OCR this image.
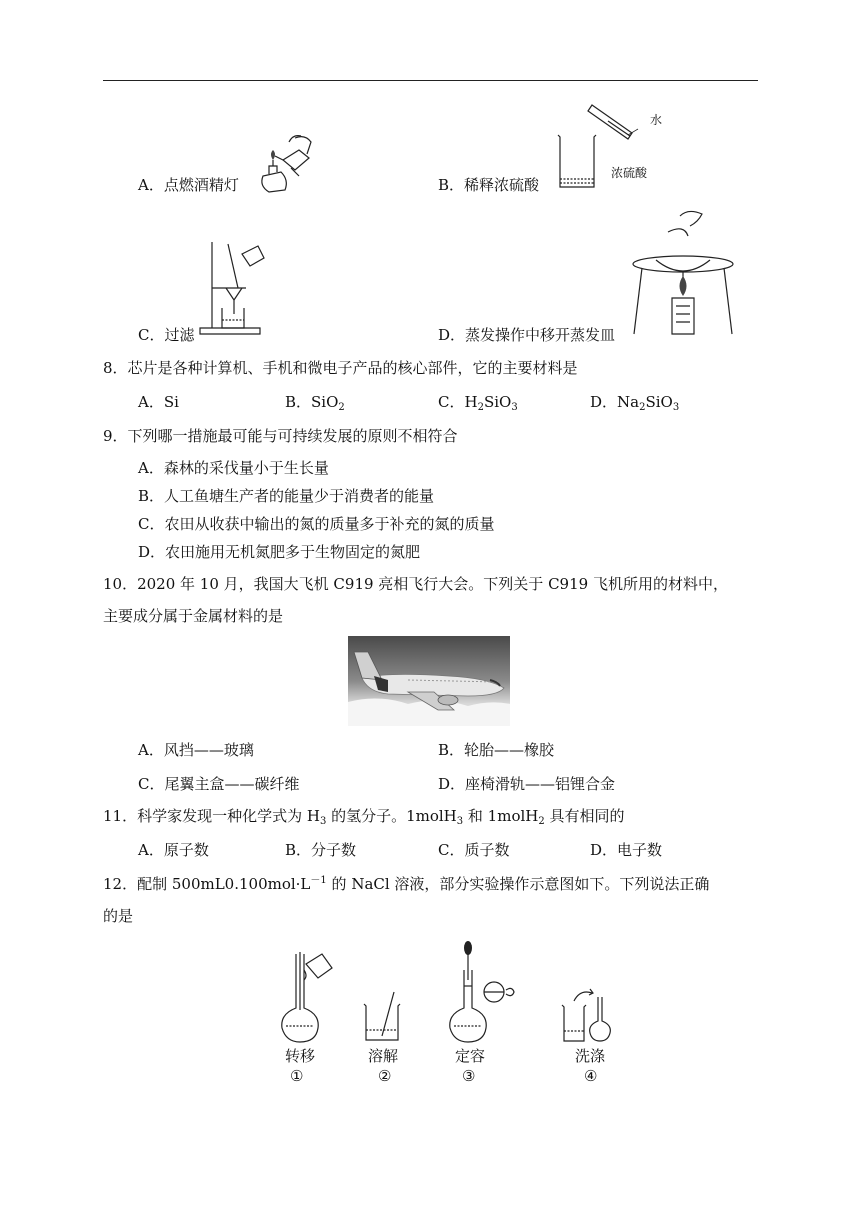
A．点燃酒精灯
水
浓硫酸
B．稀释浓硫酸
C．过滤	D．蒸发操作中移开蒸发皿
8．芯片是各种计算机、手机和微电子产品的核心部件，它的主要材料是
A．Si	B．SiO$_2$	C．$H_2SiO_3$	D．$Na_2SiO_3$
9．下列哪一措施最可能与可持续发展的原则不相符合
A．森林的采伐量小于生长量
B．人工鱼塘生产者的能量少于消费者的能量
C．农田从收获中输出的氮的质量多于补充的氮的质量
D．农田施用无机氮肥多于生物固定的氮肥
10．2020 年 10 月，我国大飞机 C919 亮相飞行大会。下列关于 C919 飞机所用的材料中，
主要成分属于金属材料的是
A．风挡——玻璃	B．轮胎——橡胶
C．尾翼主盒——碳纤维	D．座椅滑轨——铝锂合金
11．科学家发现一种化学式为 $H_3$ 的氢分子。1molH$_3$ 和 1molH$_2$ 具有相同的
A．原子数	B．分子数	C．质子数	D．电子数
12．配制 $500mL0.100mol\cdot L^{-1}$ 的 NaCl 溶液，部分实验操作示意图如下。下列说法正确
的是
转移
①
溶解
②
定容
③
洗涤
④
